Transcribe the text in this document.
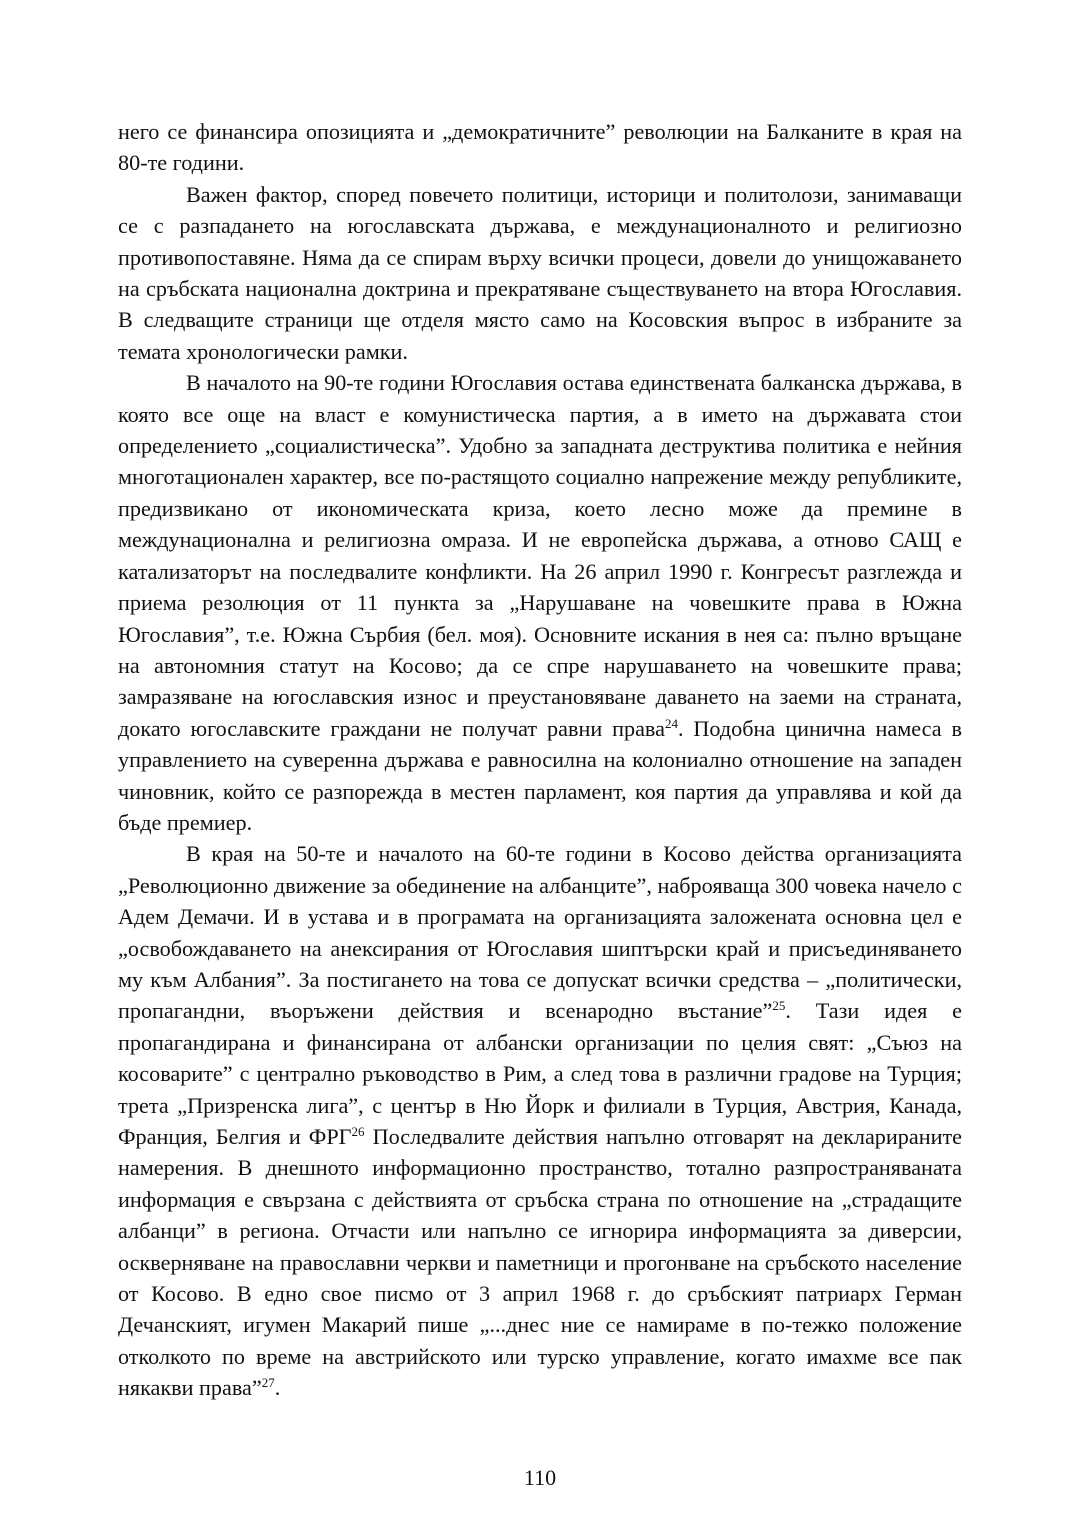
него се финансира опозицията и „демократичните” революции на Балканите в края на 80-те години.

Важен фактор, според повечето политици, историци и политолози, занимаващи се с разпадането на югославската държава, е междунационалното и религиозно противопоставяне. Няма да се спирам върху всички процеси, довели до унищожаването на сръбската национална доктрина и прекратяване съществуването на втора Югославия. В следващите страници ще отделя място само на Косовския въпрос в избраните за темата хронологически рамки.

В началото на 90-те години Югославия остава единствената балканска държава, в която все още на власт е комунистическа партия, а в името на държавата стои определението „социалистическа”. Удобно за западната деструктива политика е нейния многотационален характер, все по-растящото социално напрежение между републиките, предизвикано от икономическата криза, което лесно може да премине в междунационална и религиозна омраза. И не европейска държава, а отново САЩ е катализаторът на последвалите конфликти. На 26 април 1990 г. Конгресът разглежда и приема резолюция от 11 пункта за „Нарушаване на човешките права в Южна Югославия”, т.е. Южна Сърбия (бел. моя). Основните искания в нея са: пълно връщане на автономния статут на Косово; да се спре нарушаването на човешките права; замразяване на югославския износ и преустановяване даването на заеми на страната, докато югославските граждани не получат равни права$^{24}$. Подобна цинична намеса в управлението на суверенна държава е равносилна на колониално отношение на западен чиновник, който се разпорежда в местен парламент, коя партия да управлява и кой да бъде премиер.

В края на 50-те и началото на 60-те години в Косово действа организацията „Революционно движение за обединение на албанците”, наброяваща 300 човека начело с Адем Демачи. И в устава и в програмата на организацията заложената основна цел е „освобождаването на анексирания от Югославия шиптърски край и присъединяването му към Албания”. За постигането на това се допускат всички средства – „политически, пропагандни, въоръжени действия и всенародно въстание”$^{25}$. Тази идея е пропагандирана и финансирана от албански организации по целия свят: „Съюз на косоварите” с централно ръководство в Рим, а след това в различни градове на Турция; трета „Призренска лига”, с център в Ню Йорк и филиали в Турция, Австрия, Канада, Франция, Белгия и ФРГ$^{26}$ Последвалите действия напълно отговарят на декларираните намерения. В днешното информационно пространство, тотално разпространяваната информация е свързана с действията от сръбска страна по отношение на „страдащите албанци” в региона. Отчасти или напълно се игнорира информацията за диверсии, оскверняване на православни черкви и паметници и прогонване на сръбското население от Косово. В едно свое писмо от 3 април 1968 г. до сръбският патриарх Герман Дечанският, игумен Макарий пише „...днес ние се намираме в по-тежко положение отколкото по време на австрийското или турско управление, когато имахме все пак някакви права”$^{27}$.

110
